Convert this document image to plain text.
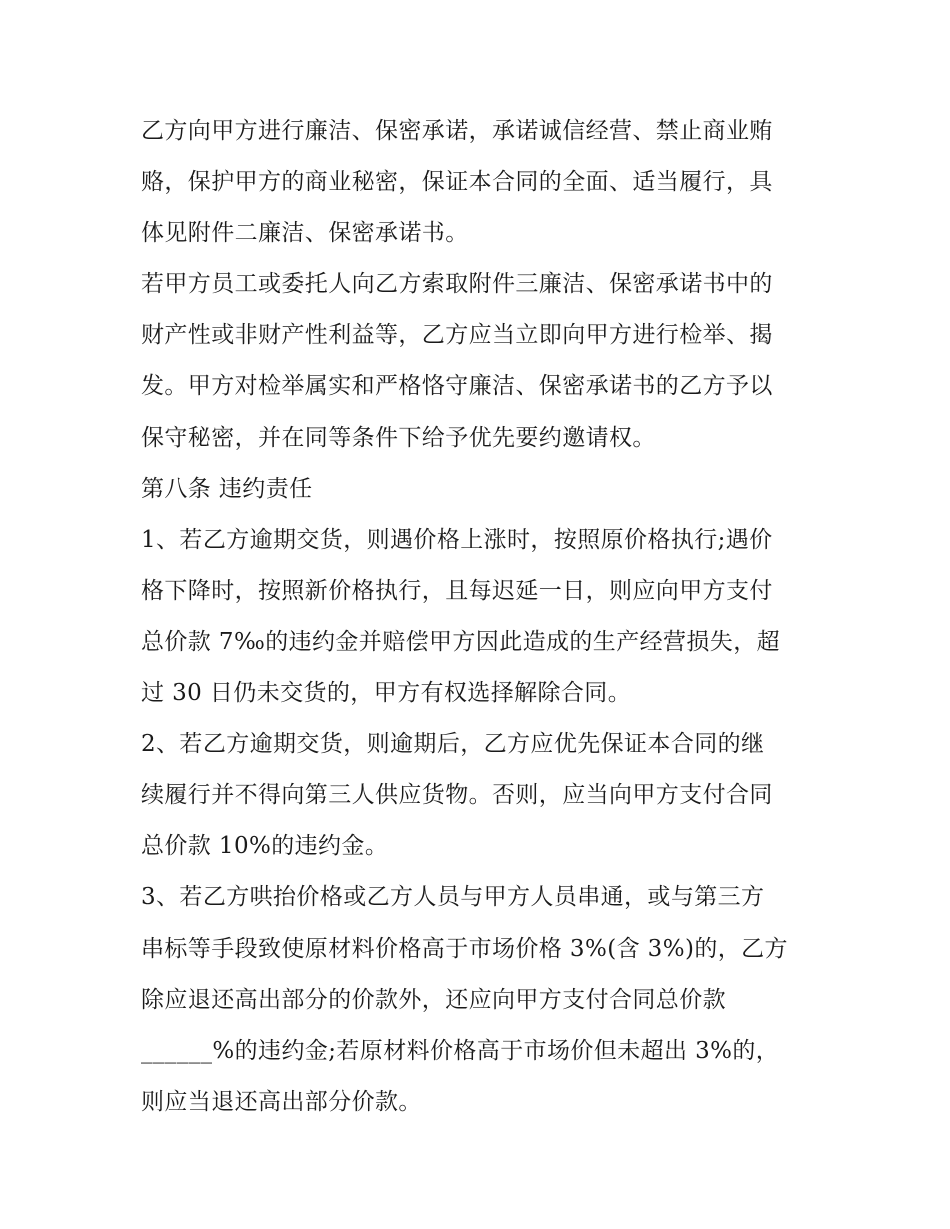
乙方向甲方进行廉洁、保密承诺，承诺诚信经营、禁止商业贿
赂，保护甲方的商业秘密，保证本合同的全面、适当履行，具
体见附件二廉洁、保密承诺书。
若甲方员工或委托人向乙方索取附件三廉洁、保密承诺书中的
财产性或非财产性利益等，乙方应当立即向甲方进行检举、揭
发。甲方对检举属实和严格恪守廉洁、保密承诺书的乙方予以
保守秘密，并在同等条件下给予优先要约邀请权。
第八条 违约责任
1、若乙方逾期交货，则遇价格上涨时，按照原价格执行;遇价
格下降时，按照新价格执行，且每迟延一日，则应向甲方支付
总价款 7‰的违约金并赔偿甲方因此造成的生产经营损失，超
过 30 日仍未交货的，甲方有权选择解除合同。
2、若乙方逾期交货，则逾期后，乙方应优先保证本合同的继
续履行并不得向第三人供应货物。否则，应当向甲方支付合同
总价款 10%的违约金。
3、若乙方哄抬价格或乙方人员与甲方人员串通，或与第三方
串标等手段致使原材料价格高于市场价格 3%(含 3%)的，乙方
除应退还高出部分的价款外，还应向甲方支付合同总价款
______%的违约金;若原材料价格高于市场价但未超出 3%的，
则应当退还高出部分价款。
